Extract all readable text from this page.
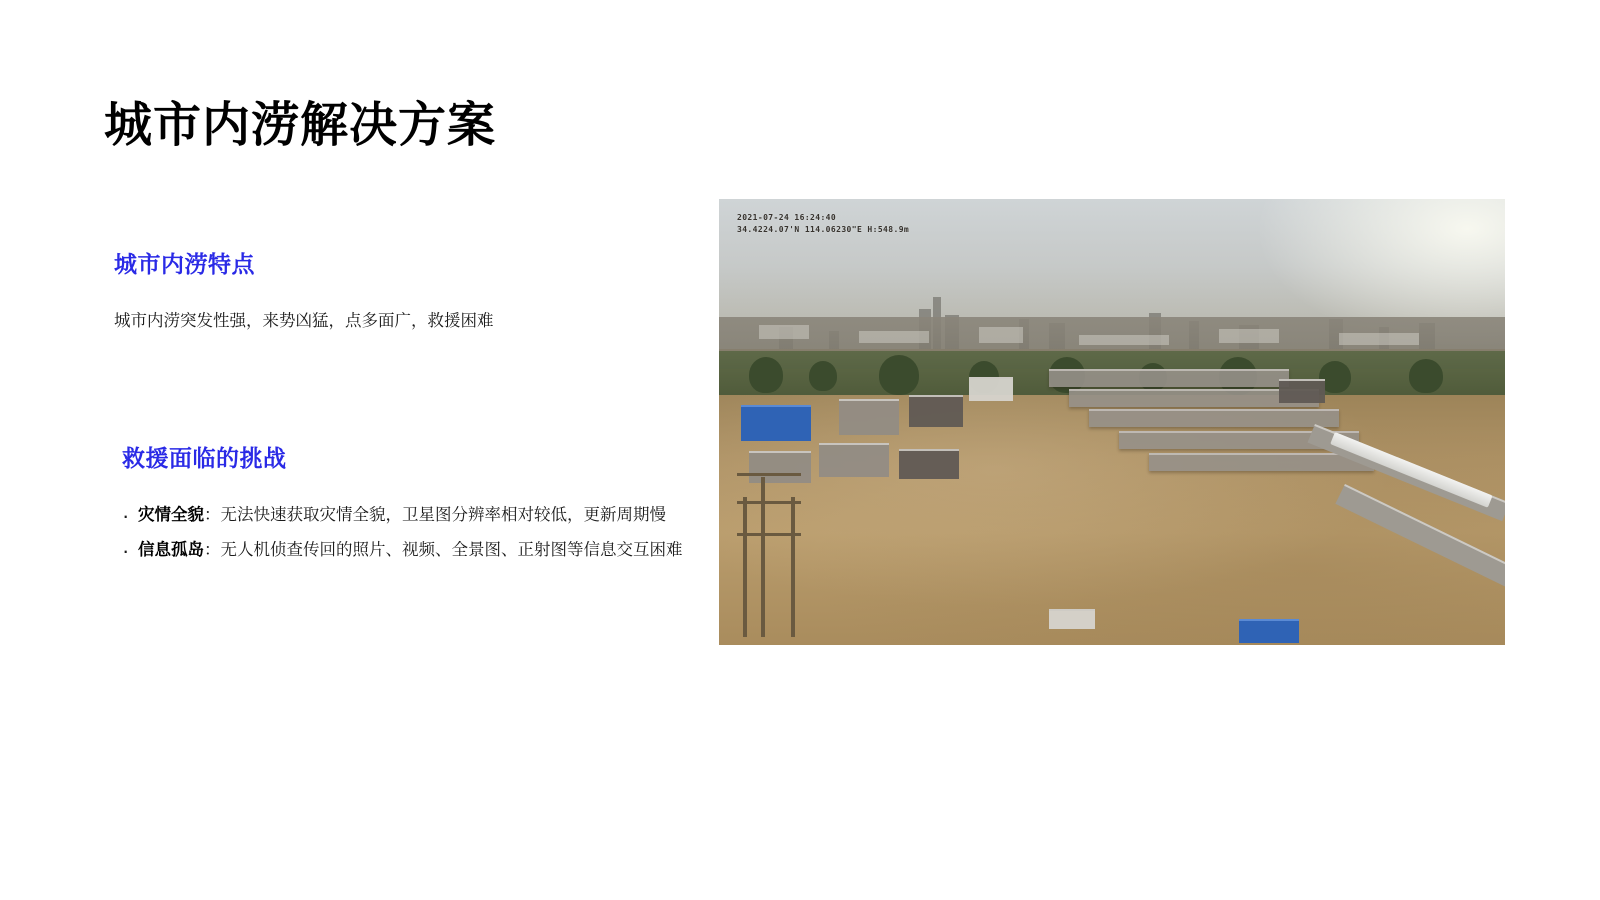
城市内涝解决方案
城市内涝特点

城市内涝突发性强，来势凶猛，点多面广，救援困难

救援面临的挑战
· 灾情全貌：无法快速获取灾情全貌，卫星图分辨率相对较低，更新周期慢
· 信息孤岛：无人机侦查传回的照片、视频、全景图、正射图等信息交互困难
2021-07-24 16:24:40
34.4224.07'N 114.06230"E H:548.9m
